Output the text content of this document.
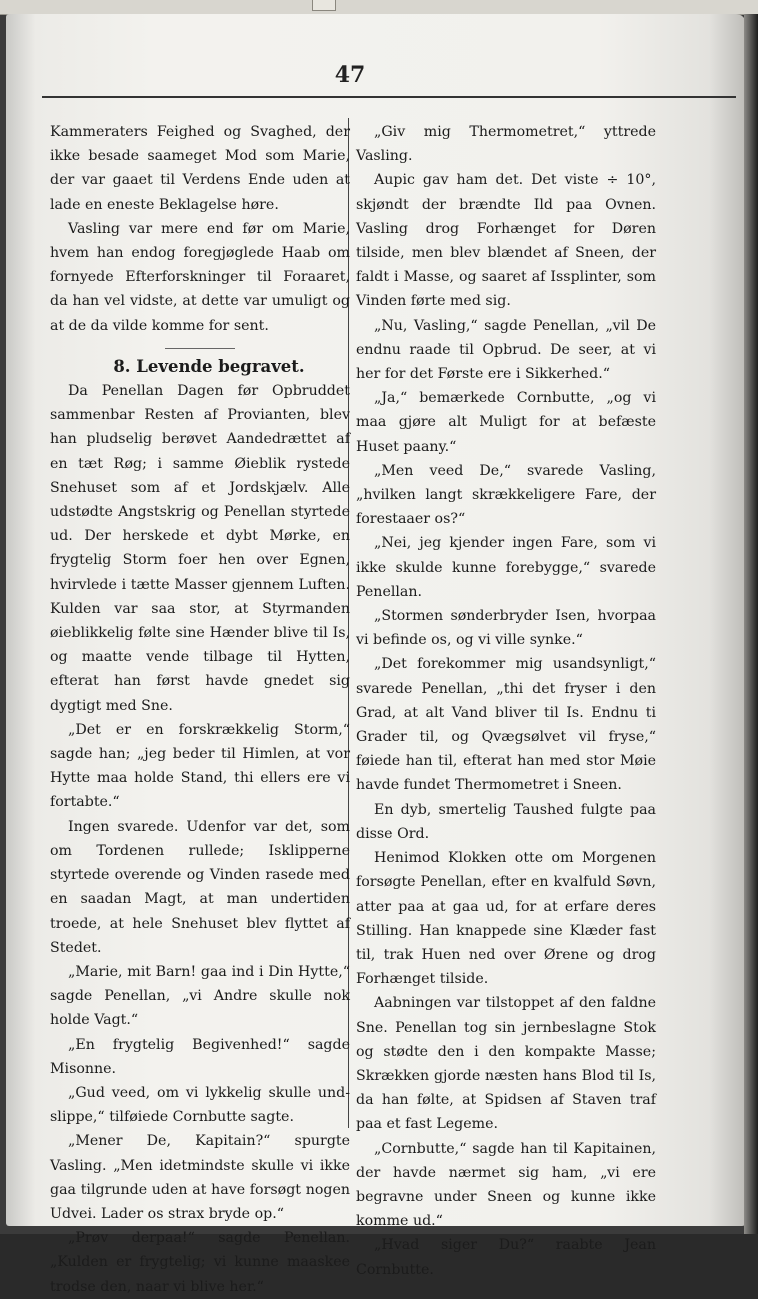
47

Kammeraters Feighed og Svaghed, der ikke besade saameget Mod som Marie, der var gaaet til Verdens Ende uden at lade en eneste Beklagelse høre.

Vasling var mere end før om Marie, hvem han endog foregjøglede Haab om fornyede Efterforskninger til Foraaret, da han vel vidste, at dette var umuligt og at de da vilde komme for sent.

8. Levende begravet.

Da Penellan Dagen før Opbruddet sammenbar Resten af Provianten, blev han pludselig berøvet Aandedrættet af en tæt Røg; i samme Øieblik rystede Snehuset som af et Jordskjælv. Alle udstødte Angstskrig og Penellan styrtede ud. Der herskede et dybt Mørke, en frygtelig Storm foer hen over Egnen, hvirvlede i tætte Masser gjennem Luften. Kulden var saa stor, at Styrmanden øieblikkelig følte sine Hænder blive til Is, og maatte vende tilbage til Hytten, efterat han først havde gnedet sig dygtigt med Sne.

„Det er en forskrækkelig Storm,“ sagde han; „jeg beder til Himlen, at vor Hytte maa holde Stand, thi ellers ere vi fortabte.“

Ingen svarede. Udenfor var det, som om Tordenen rullede; Isklipperne styrtede overende og Vinden rasede med en saadan Magt, at man undertiden troede, at hele Snehuset blev flyttet af Stedet.

„Marie, mit Barn! gaa ind i Din Hytte,“ sagde Penellan, „vi Andre skulle nok holde Vagt.“

„En frygtelig Begivenhed!“ sagde Misonne.

„Gud veed, om vi lykkelig skulle und-slippe,“ tilføiede Cornbutte sagte.

„Mener De, Kapitain?“ spurgte Vasling. „Men idetmindste skulle vi ikke gaa tilgrunde uden at have forsøgt nogen Udvei. Lader os strax bryde op.“

„Prøv derpaa!“ sagde Penellan. „Kulden er frygtelig; vi kunne maaskee trodse den, naar vi blive her.“

„Giv mig Thermometret,“ yttrede Vasling.

Aupic gav ham det. Det viste ÷ 10°, skjøndt der brændte Ild paa Ovnen. Vasling drog Forhænget for Døren tilside, men blev blændet af Sneen, der faldt i Masse, og saaret af Issplinter, som Vinden førte med sig.

„Nu, Vasling,“ sagde Penellan, „vil De endnu raade til Opbrud. De seer, at vi her for det Første ere i Sikkerhed.“

„Ja,“ bemærkede Cornbutte, „og vi maa gjøre alt Muligt for at befæste Huset paany.“

„Men veed De,“ svarede Vasling, „hvilken langt skrækkeligere Fare, der forestaaer os?“

„Nei, jeg kjender ingen Fare, som vi ikke skulde kunne forebygge,“ svarede Penellan.

„Stormen sønderbryder Isen, hvorpaa vi befinde os, og vi ville synke.“

„Det forekommer mig usandsynligt,“ svarede Penellan, „thi det fryser i den Grad, at alt Vand bliver til Is. Endnu ti Grader til, og Qvægsølvet vil fryse,“ føiede han til, efterat han med stor Møie havde fundet Thermometret i Sneen.

En dyb, smertelig Taushed fulgte paa disse Ord.

Henimod Klokken otte om Morgenen forsøgte Penellan, efter en kvalfuld Søvn, atter paa at gaa ud, for at erfare deres Stilling. Han knappede sine Klæder fast til, trak Huen ned over Ørene og drog Forhænget tilside.

Aabningen var tilstoppet af den faldne Sne. Penellan tog sin jernbeslagne Stok og stødte den i den kompakte Masse; Skrækken gjorde næsten hans Blod til Is, da han følte, at Spidsen af Staven traf paa et fast Legeme.

„Cornbutte,“ sagde han til Kapitainen, der havde nærmet sig ham, „vi ere begravne under Sneen og kunne ikke komme ud.“

„Hvad siger Du?“ raabte Jean Cornbutte.
